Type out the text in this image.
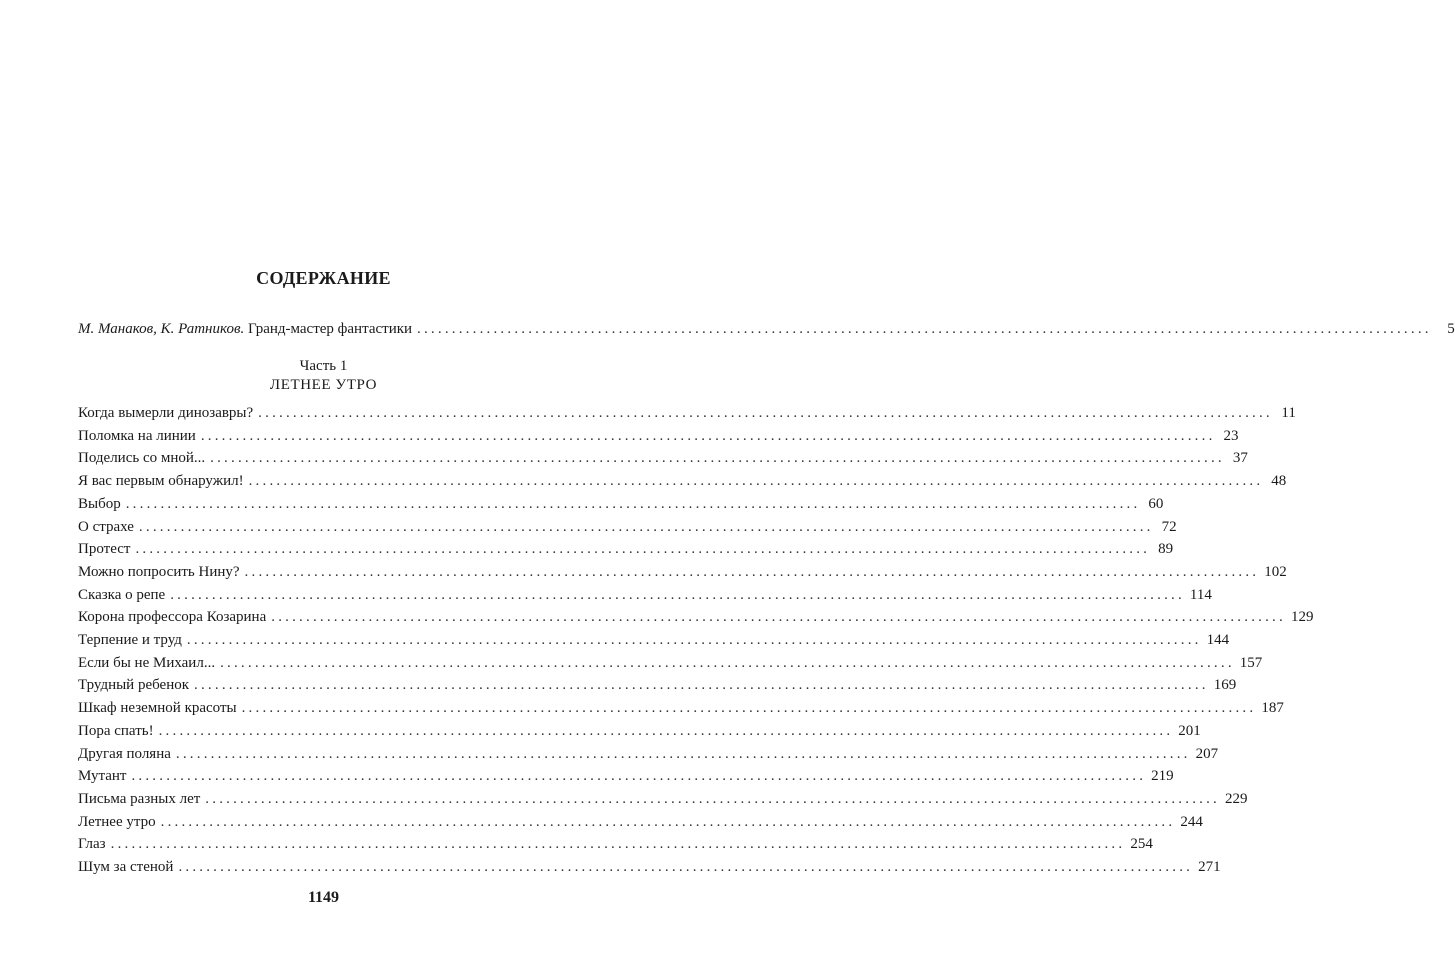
СОДЕРЖАНИЕ
М. Манаков, К. Ратников. Гранд-мастер фантастики ..................................................................................................................................................	5
Часть 1
ЛЕТНЕЕ УТРО
Когда вымерли динозавры? .................................................................................................................................................. 11
Поломка на линии .................................................................................................................................................. 23
Поделись со мной... .................................................................................................................................................. 37
Я вас первым обнаружил! .................................................................................................................................................. 48
Выбор .................................................................................................................................................. 60
О страхе .................................................................................................................................................. 72
Протест .................................................................................................................................................. 89
Можно попросить Нину? .................................................................................................................................................. 102
Сказка о репе .................................................................................................................................................. 114
Корона профессора Козарина .................................................................................................................................................. 129
Терпение и труд .................................................................................................................................................. 144
Если бы не Михаил... .................................................................................................................................................. 157
Трудный ребенок .................................................................................................................................................. 169
Шкаф неземной красоты .................................................................................................................................................. 187
Пора спать! .................................................................................................................................................. 201
Другая поляна .................................................................................................................................................. 207
Мутант .................................................................................................................................................. 219
Письма разных лет .................................................................................................................................................. 229
Летнее утро .................................................................................................................................................. 244
Глаз .................................................................................................................................................. 254
Шум за стеной .................................................................................................................................................. 271
1149
